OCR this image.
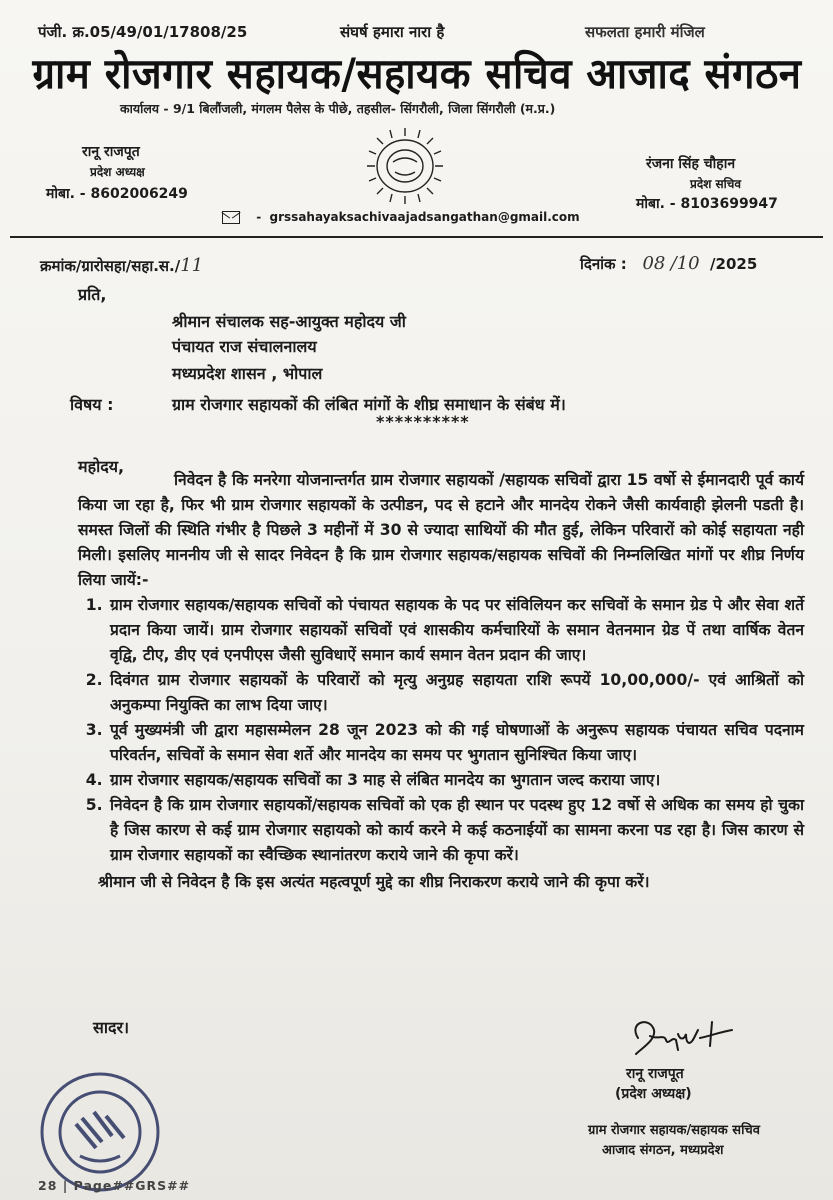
पंजी. क्र.05/49/01/17808/25	संघर्ष हमारा नारा है	सफलता हमारी मंजिल
ग्राम रोजगार सहायक/सहायक सचिव आजाद संगठन
कार्यालय - 9/1 बिलौंजली, मंगलम पैलेस के पीछे, तहसील- सिंगरौली, जिला सिंगरौली (म.प्र.)
रानू राजपूत
प्रदेश अध्यक्ष
मोबा. - 8602006249
रंजना सिंह चौहान
प्रदेश सचिव
मोबा. - 8103699947
-  grssahayaksachivaajadsangathan@gmail.com
क्रमांक/ग्रारोसहा/सहा.स./11	दिनांक : 08 /10  /2025
प्रति,
श्रीमान संचालक सह-आयुक्त महोदय जी
पंचायत राज संचालनालय
मध्यप्रदेश शासन , भोपाल
विषय :	ग्राम रोजगार सहायकों की लंबित मांगों के शीघ्र समाधान के संबंध में।
**********
महोदय,

निवेदन है कि मनरेगा योजनान्तर्गत ग्राम रोजगार सहायकों /सहायक सचिवों द्वारा 15 वर्षो से ईमानदारी पूर्व कार्य किया जा रहा है, फिर भी ग्राम रोजगार सहायकों के उत्पीडन, पद से हटाने और मानदेय रोकने जैसी कार्यवाही झेलनी पडती है। समस्त जिलों की स्थिति गंभीर है पिछले 3 महीनों में 30 से ज्यादा साथियों की मौत हुई, लेकिन परिवारों को कोई सहायता नही मिली। इसलिए माननीय जी से सादर निवेदन है कि ग्राम रोजगार सहायक/सहायक सचिवों की निम्नलिखित मांगों पर शीघ्र निर्णय लिया जायें:-

1. ग्राम रोजगार सहायक/सहायक सचिवों को पंचायत सहायक के पद पर संविलियन कर सचिवों के समान ग्रेड पे और सेवा शर्ते प्रदान किया जायें। ग्राम रोजगार सहायकों सचिवों एवं शासकीय कर्मचारियों के समान वेतनमान ग्रेड पें तथा वार्षिक वेतन वृद्वि, टीए, डीए एवं एनपीएस जैसी सुविधाऐं समान कार्य समान वेतन प्रदान की जाए।
2. दिवंगत ग्राम रोजगार सहायकों के परिवारों को मृत्यु अनुग्रह सहायता राशि रूपयें 10,00,000/- एवं आश्रितों को अनुकम्पा नियुक्ति का लाभ दिया जाए।
3. पूर्व मुख्यमंत्री जी द्वारा महासम्मेलन 28 जून 2023 को की गई घोषणाओं के अनुरूप सहायक पंचायत सचिव पदनाम परिवर्तन, सचिवों के समान सेवा शर्ते और मानदेय का समय पर भुगतान सुनिश्चित किया जाए।
4. ग्राम रोजगार सहायक/सहायक सचिवों का 3 माह से लंबित मानदेय का भुगतान जल्द कराया जाए।
5. निवेदन है कि ग्राम रोजगार सहायकों/सहायक सचिवों को एक ही स्थान पर पदस्थ हुए 12 वर्षो से अधिक का समय हो चुका है जिस कारण से कई ग्राम रोजगार सहायको को कार्य करने मे कई कठनाईयों का सामना करना पड रहा है। जिस कारण से ग्राम रोजगार सहायकों का स्वैच्छिक स्थानांतरण कराये जाने की कृपा करें।

श्रीमान जी से निवेदन है कि इस अत्यंत महत्वपूर्ण मुद्दे का शीघ्र निराकरण कराये जाने की कृपा करें।

सादर।
रानू राजपूत
(प्रदेश अध्यक्ष)
ग्राम रोजगार सहायक/सहायक सचिव
आजाद संगठन, मध्यप्रदेश
28 | Page##GRS##
